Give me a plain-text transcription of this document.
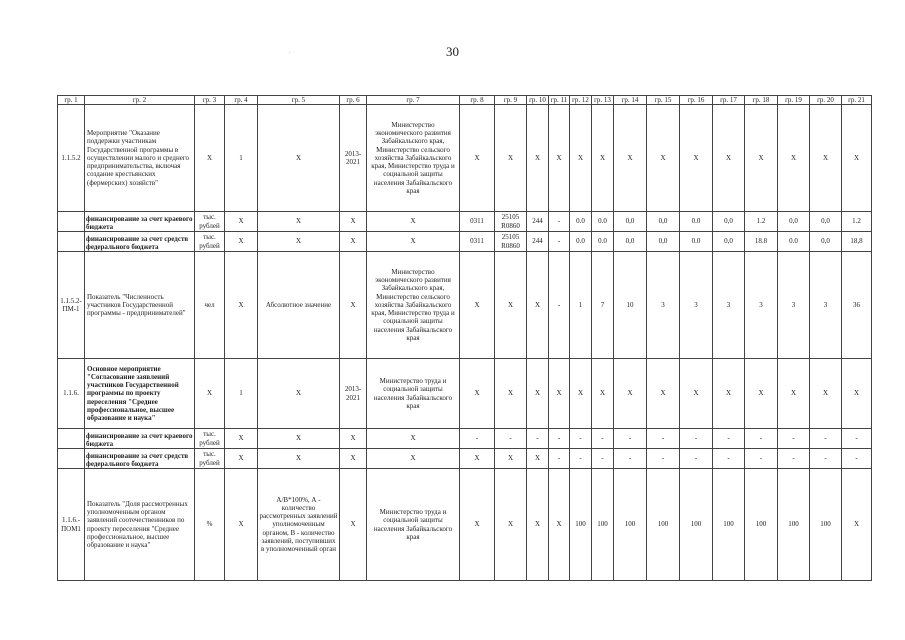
30
.
гр. 1	гр. 2	гр. 3	гр. 4	гр. 5	гр. 6	гр. 7	гр. 8	гр. 9	гр. 10	гр. 11	гр. 12	гр. 13	гр. 14	гр. 15	гр. 16	гр. 17	гр. 18	гр. 19	гр. 20	гр. 21
1.1.5.2	Мероприятие "Оказание поддержки участникам Государственной программы в осуществлении малого и среднего предпринимательства, включая создание крестьянских (фермерских) хозяйств"	Х	1	Х	2013-2021	Министерство экономического развития Забайкальского края, Министерство сельского хозяйства Забайкальского края, Министерство труда и социальной защиты населения Забайкальского края	Х	Х	Х	Х	Х	Х	Х	Х	Х	Х	Х	Х	Х	Х
	финансирование за счет краевого бюджета	тыс. рублей	Х	Х	Х	Х	0311	25105 R0860	244	-	0.0	0.0	0,0	0,0	0.0	0,0	1.2	0,0	0,0	1.2
	финансирование за счет средств федерального бюджета	тыс. рублей	Х	Х	Х	Х	0311	25105 R0860	244	-	0.0	0.0	0,0	0,0	0.0	0,0	18.8	0.0	0,0	18,8
1.1.5.2-ПМ-1	Показатель "Численность участников Государственной программы - предпринимателей"	чел	Х	Абсолютное значение	Х	Министерство экономического развития Забайкальского края, Министерство сельского хозяйства Забайкальского края, Министерство труда и социальной защиты населения Забайкальского края	Х	Х	Х	-	1	7	10	3	3	3	3	3	3	36
1.1.6.	Основное мероприятие "Согласование заявлений участников Государственной программы по проекту переселения "Среднее профессиональное, высшее образование и наука"	Х	1	Х	2013-2021	Министерство труда и социальной защиты населения Забайкальского края	Х	Х	Х	Х	Х	Х	Х	Х	Х	Х	Х	Х	Х	Х
	финансирование за счет краевого бюджета	тыс. рублей	Х	Х	Х	Х	-	-	-	-	-	-	-	-	-	-	-	-	-	-
	финансирование за счет средств федерального бюджета	тыс. рублей	Х	Х	Х	Х	Х	Х	Х	-	-	-	-	-	-	-	-	-	-	-
1.1.6.-ПОМ1	Показатель "Доля рассмотренных уполномоченным органом заявлений соотечественников по проекту переселения "Среднее профессиональное, высшее образование и наука"	%	Х	А/В*100%, А - количество рассмотренных заявлений уполномоченным органом, В - количество заявлений, поступивших в уполномоченный орган	Х	Министерство труда и социальной защиты населения Забайкальского края	Х	Х	Х	Х	100	100	100	100	100	100	100	100	100	Х
